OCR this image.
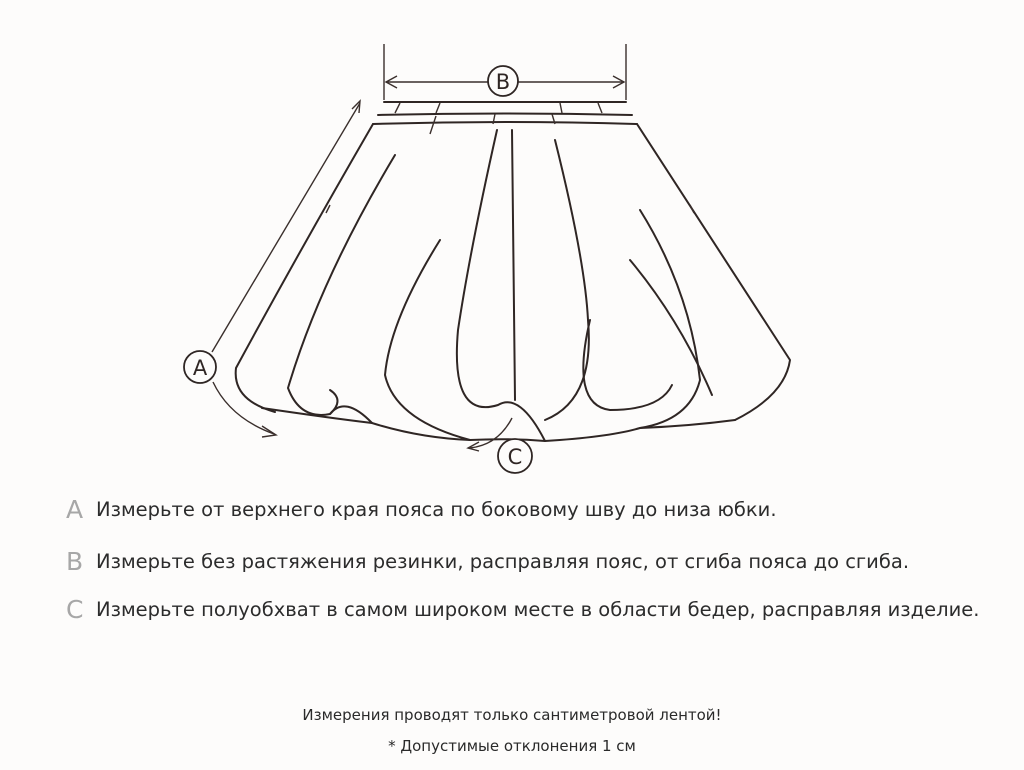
B
A
C
A Измерьте от верхнего края пояса по боковому шву до низа юбки.
B Измерьте без растяжения резинки, расправляя пояс, от сгиба пояса до сгиба.
C Измерьте полуобхват в самом широком месте в области бедер, расправляя изделие.
Измерения проводят только сантиметровой лентой!
* Допустимые отклонения 1 см
